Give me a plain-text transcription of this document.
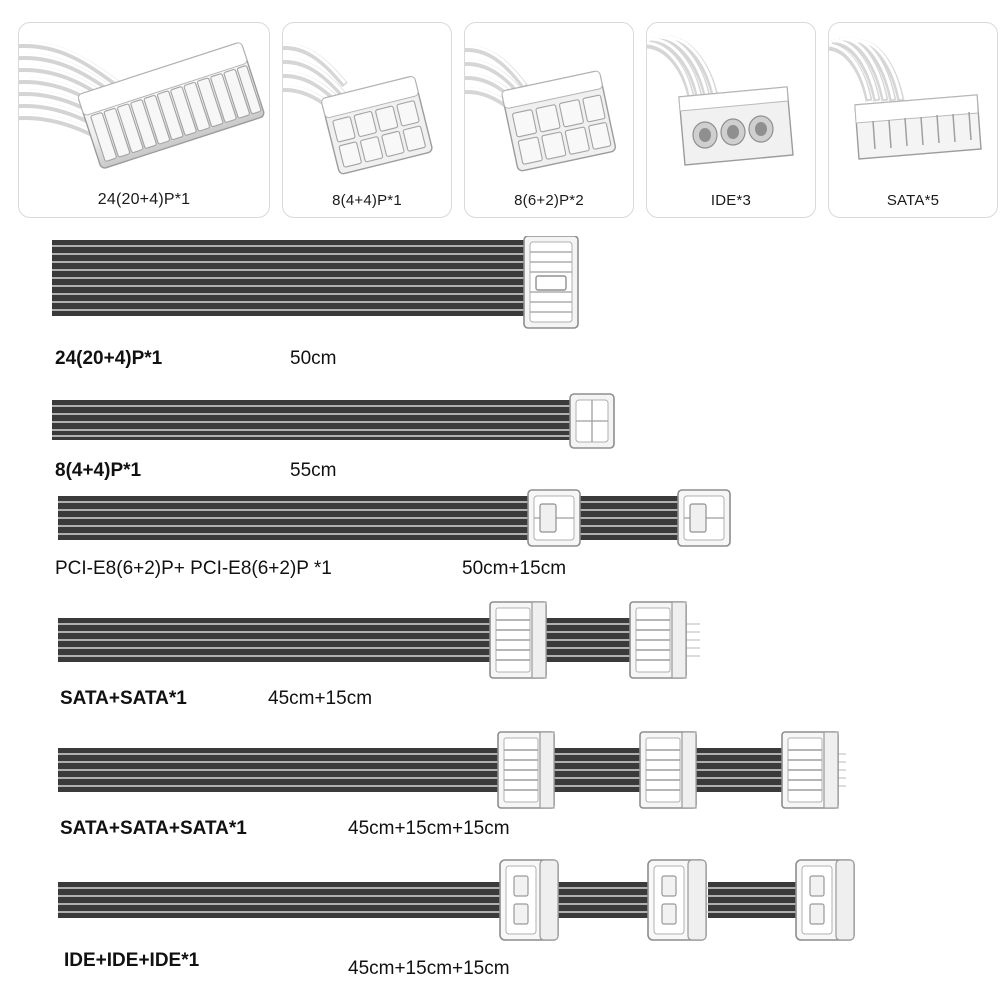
24(20+4)P*1	8(4+4)P*1	8(6+2)P*2	IDE*3	SATA*5
24(20+4)P*1	50cm
8(4+4)P*1	55cm
PCI-E8(6+2)P+ PCI-E8(6+2)P *1	50cm+15cm
SATA+SATA*1	45cm+15cm
SATA+SATA+SATA*1	45cm+15cm+15cm
IDE+IDE+IDE*1	45cm+15cm+15cm
